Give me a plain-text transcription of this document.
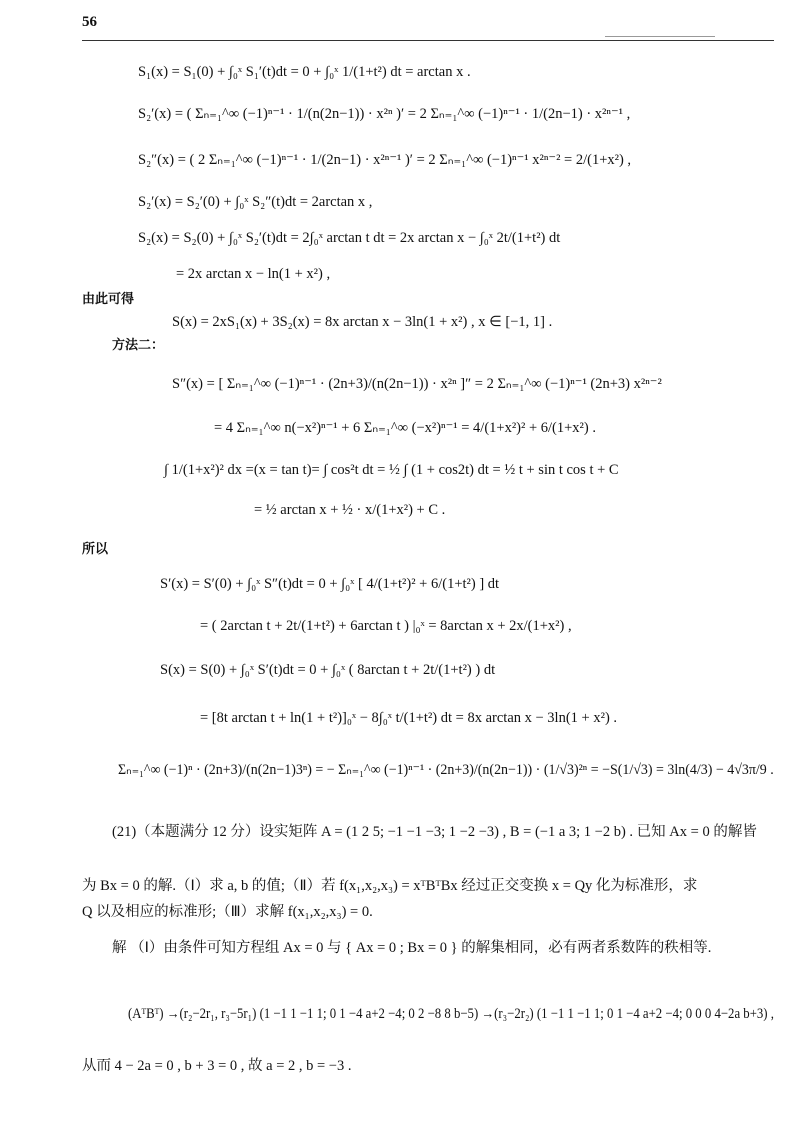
56
S₁(x) = S₁(0) + ∫₀ˣ S₁′(t)dt = 0 + ∫₀ˣ 1/(1+t²) dt = arctan x .
S₂′(x) = ( Σₙ₌₁^∞ (−1)ⁿ⁻¹ · 1/(n(2n−1)) · x²ⁿ )′ = 2 Σₙ₌₁^∞ (−1)ⁿ⁻¹ · 1/(2n−1) · x²ⁿ⁻¹ ,
S₂″(x) = ( 2 Σₙ₌₁^∞ (−1)ⁿ⁻¹ · 1/(2n−1) · x²ⁿ⁻¹ )′ = 2 Σₙ₌₁^∞ (−1)ⁿ⁻¹ x²ⁿ⁻² = 2/(1+x²) ,
S₂′(x) = S₂′(0) + ∫₀ˣ S₂″(t)dt = 2arctan x ,
S₂(x) = S₂(0) + ∫₀ˣ S₂′(t)dt = 2∫₀ˣ arctan t dt = 2x arctan x − ∫₀ˣ 2t/(1+t²) dt
= 2x arctan x − ln(1 + x²) ,
由此可得
S(x) = 2xS₁(x) + 3S₂(x) = 8x arctan x − 3ln(1 + x²) , x ∈ [−1, 1] .
方法二：
S″(x) = [ Σₙ₌₁^∞ (−1)ⁿ⁻¹ · (2n+3)/(n(2n−1)) · x²ⁿ ]″ = 2 Σₙ₌₁^∞ (−1)ⁿ⁻¹ (2n+3) x²ⁿ⁻²
= 4 Σₙ₌₁^∞ n(−x²)ⁿ⁻¹ + 6 Σₙ₌₁^∞ (−x²)ⁿ⁻¹ = 4/(1+x²)² + 6/(1+x²) .
∫ 1/(1+x²)² dx =(x = tan t)= ∫ cos²t dt = ½ ∫ (1 + cos2t) dt = ½ t + sin t cos t + C
= ½ arctan x + ½ · x/(1+x²) + C .
所以
S′(x) = S′(0) + ∫₀ˣ S″(t)dt = 0 + ∫₀ˣ [ 4/(1+t²)² + 6/(1+t²) ] dt
= ( 2arctan t + 2t/(1+t²) + 6arctan t ) |₀ˣ = 8arctan x + 2x/(1+x²) ,
S(x) = S(0) + ∫₀ˣ S′(t)dt = 0 + ∫₀ˣ ( 8arctan t + 2t/(1+t²) ) dt
= [8t arctan t + ln(1 + t²)]₀ˣ − 8∫₀ˣ t/(1+t²) dt = 8x arctan x − 3ln(1 + x²) .
Σₙ₌₁^∞ (−1)ⁿ · (2n+3)/(n(2n−1)3ⁿ) = − Σₙ₌₁^∞ (−1)ⁿ⁻¹ · (2n+3)/(n(2n−1)) · (1/√3)²ⁿ = −S(1/√3) = 3ln(4/3) − 4√3π/9 .
(21)（本题满分 12 分）设实矩阵 A = (1 2 5; −1 −1 −3; 1 −2 −3) , B = (−1 a 3; 1 −2 b) . 已知 Ax = 0 的解皆
为 Bx = 0 的解.（Ⅰ）求 a, b 的值;（Ⅱ）若 f(x₁,x₂,x₃) = xᵀBᵀBx 经过正交变换 x = Qy 化为标准形，求
Q 以及相应的标准形;（Ⅲ）求解 f(x₁,x₂,x₃) = 0.
解 （Ⅰ）由条件可知方程组 Ax = 0 与 { Ax = 0 ; Bx = 0 } 的解集相同，必有两者系数阵的秩相等.
(AᵀBᵀ) →(r₂−2r₁, r₃−5r₁) (1 −1 1 −1 1; 0 1 −4 a+2 −4; 0 2 −8 8 b−5) →(r₃−2r₂) (1 −1 1 −1 1; 0 1 −4 a+2 −4; 0 0 0 4−2a b+3) ,
从而 4 − 2a = 0 , b + 3 = 0 , 故 a = 2 , b = −3 .
